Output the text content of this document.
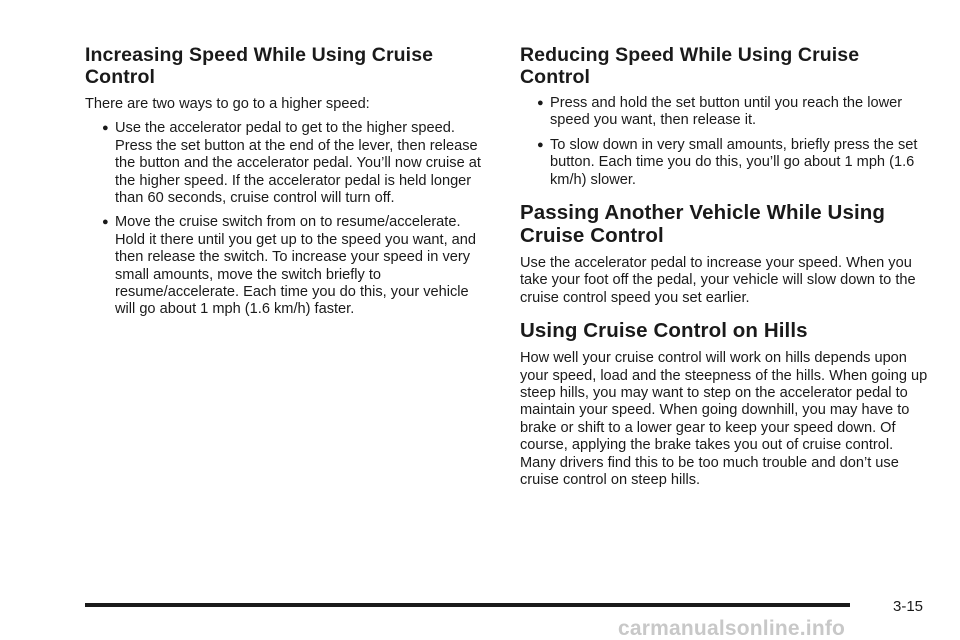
Increasing Speed While Using Cruise Control

There are two ways to go to a higher speed:

● Use the accelerator pedal to get to the higher speed. Press the set button at the end of the lever, then release the button and the accelerator pedal. You’ll now cruise at the higher speed. If the accelerator pedal is held longer than 60 seconds, cruise control will turn off.
● Move the cruise switch from on to resume/accelerate. Hold it there until you get up to the speed you want, and then release the switch. To increase your speed in very small amounts, move the switch briefly to resume/accelerate. Each time you do this, your vehicle will go about 1 mph (1.6 km/h) faster.
Reducing Speed While Using Cruise Control
● Press and hold the set button until you reach the lower speed you want, then release it.
● To slow down in very small amounts, briefly press the set button. Each time you do this, you’ll go about 1 mph (1.6 km/h) slower.
Passing Another Vehicle While Using Cruise Control

Use the accelerator pedal to increase your speed. When you take your foot off the pedal, your vehicle will slow down to the cruise control speed you set earlier.

Using Cruise Control on Hills

How well your cruise control will work on hills depends upon your speed, load and the steepness of the hills. When going up steep hills, you may want to step on the accelerator pedal to maintain your speed. When going downhill, you may have to brake or shift to a lower gear to keep your speed down. Of course, applying the brake takes you out of cruise control. Many drivers find this to be too much trouble and don’t use cruise control on steep hills.

3-15
carmanualsonline.info
